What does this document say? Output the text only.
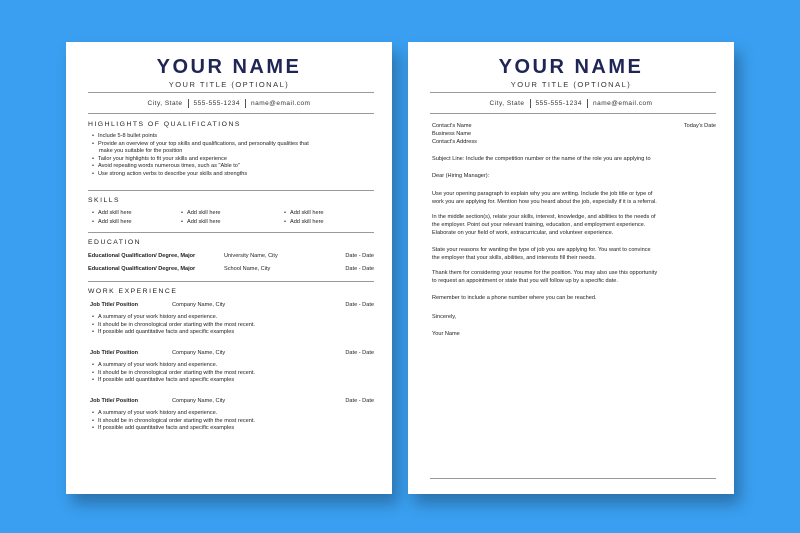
YOUR NAME
YOUR TITLE (OPTIONAL)
City, State 555-555-1234 name@email.com
HIGHLIGHTS OF QUALIFICATIONS
• Include 5-8 bullet points
• Provide an overview of your top skills and qualifications, and personality qualities that
make you suitable for the position
• Tailor your highlights to fit your skills and experience
• Avoid repeating words numerous times, such as "Able to"
• Use strong action verbs to describe your skills and strengths
SKILLS
• Add skill here	• Add skill here	• Add skill here
• Add skill here	• Add skill here	• Add skill here
EDUCATION
Educational Qualification/ Degree, Major	University Name, City	Date - Date
Educational Qualification/ Degree, Major	School Name, City	Date - Date
WORK EXPERIENCE
Job Title/ Position	Company Name, City	Date - Date
• A summary of your work history and experience.
• It should be in chronological order starting with the most recent.
• If possible add quantitative facts and specific examples
Job Title/ Position	Company Name, City	Date - Date
• A summary of your work history and experience.
• It should be in chronological order starting with the most recent.
• If possible add quantitative facts and specific examples
Job Title/ Position	Company Name, City	Date - Date
• A summary of your work history and experience.
• It should be in chronological order starting with the most recent.
• If possible add quantitative facts and specific examples
YOUR NAME
YOUR TITLE (OPTIONAL)
City, State 555-555-1234 name@email.com
Contact's Name
Business Name
Contact's Address
Today's Date
Subject Line: Include the competition number or the name of the role you are applying to
Dear (Hiring Manager):
Use your opening paragraph to explain why you are writing. Include the job title or type of
work you are applying for. Mention how you heard about the job, especially if it is a referral.
In the middle section(s), relate your skills, interest, knowledge, and abilities to the needs of
the employer. Point out your relevant training, education, and employment experience.
Elaborate on your field of work, extracurricular, and volunteer experience.
State your reasons for wanting the type of job you are applying for. You want to convince
the employer that your skills, abilities, and interests fill their needs.
Thank them for considering your resume for the position. You may also use this opportunity
to request an appointment or state that you will follow up by a specific date.
Remember to include a phone number where you can be reached.
Sincerely,
Your Name
